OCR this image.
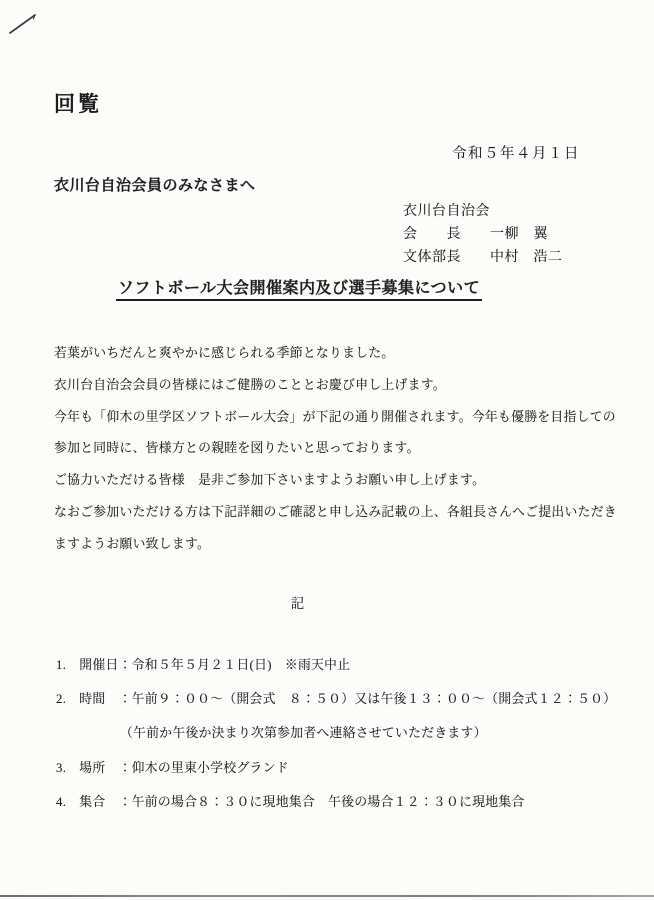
回覧
令和５年４月１日
衣川台自治会員のみなさまへ
衣川台自治会
会　　長　　一柳　翼
文体部長　　中村　浩二
ソフトボール大会開催案内及び選手募集について
若葉がいちだんと爽やかに感じられる季節となりました。
衣川台自治会会員の皆様にはご健勝のこととお慶び申し上げます。
今年も「仰木の里学区ソフトボール大会」が下記の通り開催されます。今年も優勝を目指しての
参加と同時に、皆様方との親睦を図りたいと思っております。
ご協力いただける皆様　是非ご参加下さいますようお願い申し上げます。
なおご参加いただける方は下記詳細のご確認と申し込み記載の上、各組長さんへご提出いただき
ますようお願い致します。
記
1.　開催日：令和５年５月２１日(日)　※雨天中止
2.　時間　：午前９：００～（開会式　８：５０）又は午後１３：００～（開会式１２：５０）
（午前か午後か決まり次第参加者へ連絡させていただきます）
3.　場所　：仰木の里東小学校グランド
4.　集合　：午前の場合８：３０に現地集合　午後の場合１２：３０に現地集合
